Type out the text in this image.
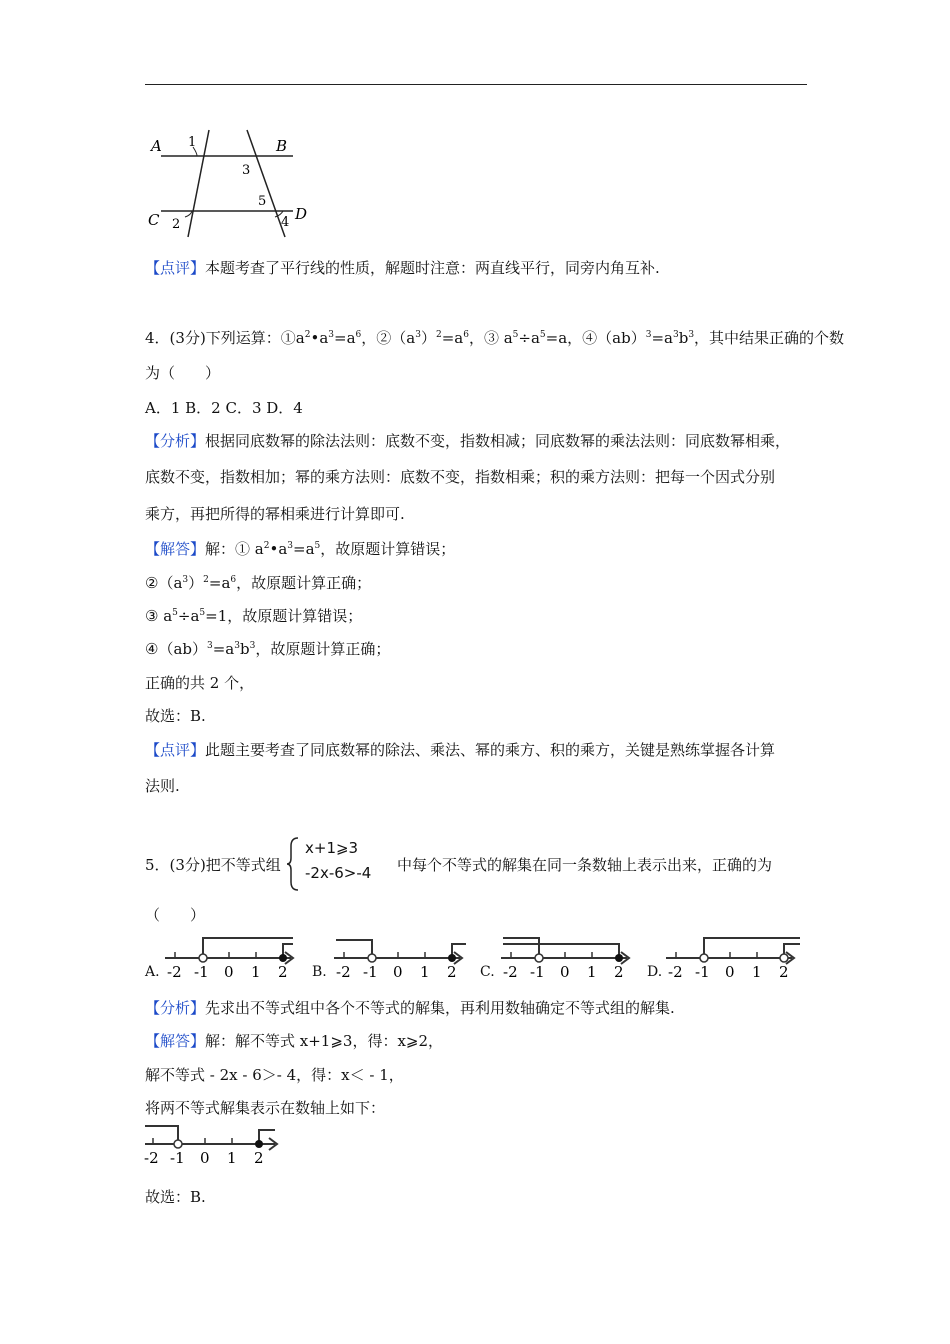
A 1	B
3
5
C 2	4 D
【点评】本题考查了平行线的性质，解题时注意：两直线平行，同旁内角互补.
4．(3分)下列运算：$①a^2•a^3=a^6$，$②(a^3)^2=a^6$，③ $a^5\div a^5=a$，$④(ab)^3=a^3b^3$，其中结果正确的个数
为（　　）
A．1 B．2 C．3 D．4
【分析】根据同底数幂的除法法则：底数不变，指数相减；同底数幂的乘法法则：同底数幂相乘，
底数不变，指数相加；幂的乘方法则：底数不变，指数相乘；积的乘方法则：把每一个因式分别
乘方，再把所得的幂相乘进行计算即可.
【解答】解：① $a^2•a^3=a^5$，故原题计算错误；
$②(a^3)^2=a^6$，故原题计算正确；
③ $a^5\div a^5=1$，故原题计算错误；
$④(ab)^3=a^3b^3$，故原题计算正确；
正确的共 2 个，
故选：B.
【点评】此题主要考查了同底数幂的除法、乘法、幂的乘方、积的乘方，关键是熟练掌握各计算
法则.
5．(3分)把不等式组
x+1⩾3
-2x-6>-4 中每个不等式的解集在同一条数轴上表示出来，正确的为
（　　）
A. -2 -1 0 1 2 B. -2 -1 0 1 2 C. -2 -1 0 1 2 D. -2 -1 0 1 2
【分析】先求出不等式组中各个不等式的解集，再利用数轴确定不等式组的解集.
【解答】解：解不等式 x+1⩾3，得：x⩾2，
解不等式 - 2x - 6＞- 4，得：x＜ - 1，
将两不等式解集表示在数轴上如下：
-2 -1 0 1 2
故选：B.
